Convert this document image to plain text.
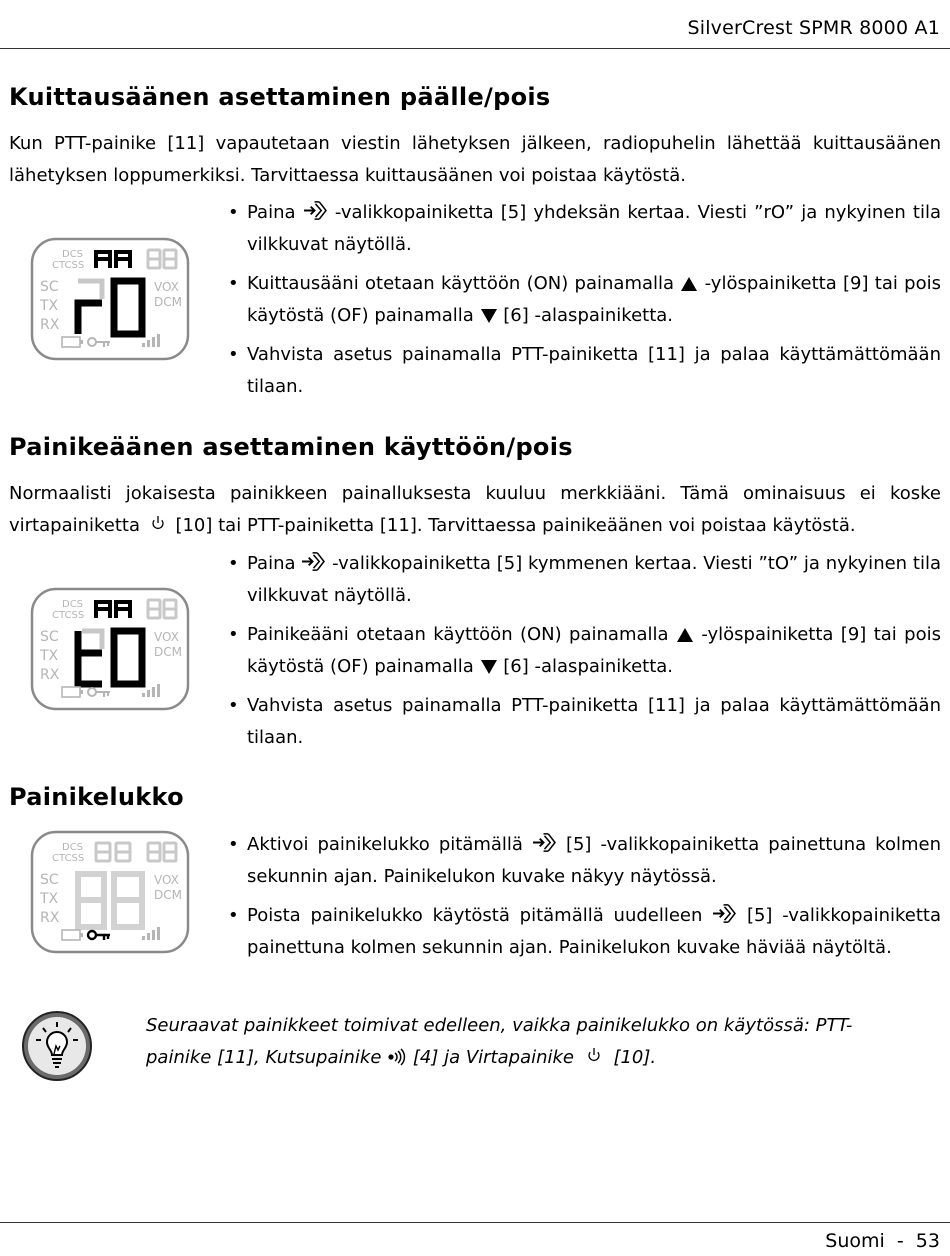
SilverCrest SPMR 8000 A1
Kuittausäänen asettaminen päälle/pois

Kun PTT-painike [11] vapautetaan viestin lähetyksen jälkeen, radiopuhelin lähettää kuittausäänen lähetyksen loppumerkiksi. Tarvittaessa kuittausäänen voi poistaa käytöstä.

DCS
CTCSS
SC
TX
RX
VOX
DCM
• Paina  -valikkopainiketta [5] yhdeksän kertaa. Viesti ”rO” ja nykyinen tila vilkkuvat näytöllä.
• Kuittausääni otetaan käyttöön (ON) painamalla  -ylöspainiketta [9] tai pois käytöstä (OF) painamalla  [6] -alaspainiketta.
• Vahvista asetus painamalla PTT-painiketta [11] ja palaa käyttämättömään tilaan.
Painikeäänen asettaminen käyttöön/pois

Normaalisti jokaisesta painikkeen painalluksesta kuuluu merkkiääni. Tämä ominaisuus ei koske virtapainiketta  [10] tai PTT-painiketta [11]. Tarvittaessa painikeäänen voi poistaa käytöstä.

DCS
CTCSS
SC
TX
RX
VOX
DCM
• Paina  -valikkopainiketta [5] kymmenen kertaa. Viesti ”tO” ja nykyinen tila vilkkuvat näytöllä.
• Painikeääni otetaan käyttöön (ON) painamalla  -ylöspainiketta [9] tai pois käytöstä (OF) painamalla  [6] -alaspainiketta.
• Vahvista asetus painamalla PTT-painiketta [11] ja palaa käyttämättömään tilaan.
Painikelukko
DCS
CTCSS
SC
TX
RX
VOX
DCM
• Aktivoi painikelukko pitämällä  [5] -valikkopainiketta painettuna kolmen sekunnin ajan. Painikelukon kuvake näkyy näytössä.
• Poista painikelukko käytöstä pitämällä uudelleen  [5] -valikkopainiketta painettuna kolmen sekunnin ajan. Painikelukon kuvake häviää näytöltä.

Seuraavat painikkeet toimivat edelleen, vaikka painikelukko on käytössä: PTT-painike [11], Kutsupainike  [4] ja Virtapainike  [10].

Suomi  -  53
